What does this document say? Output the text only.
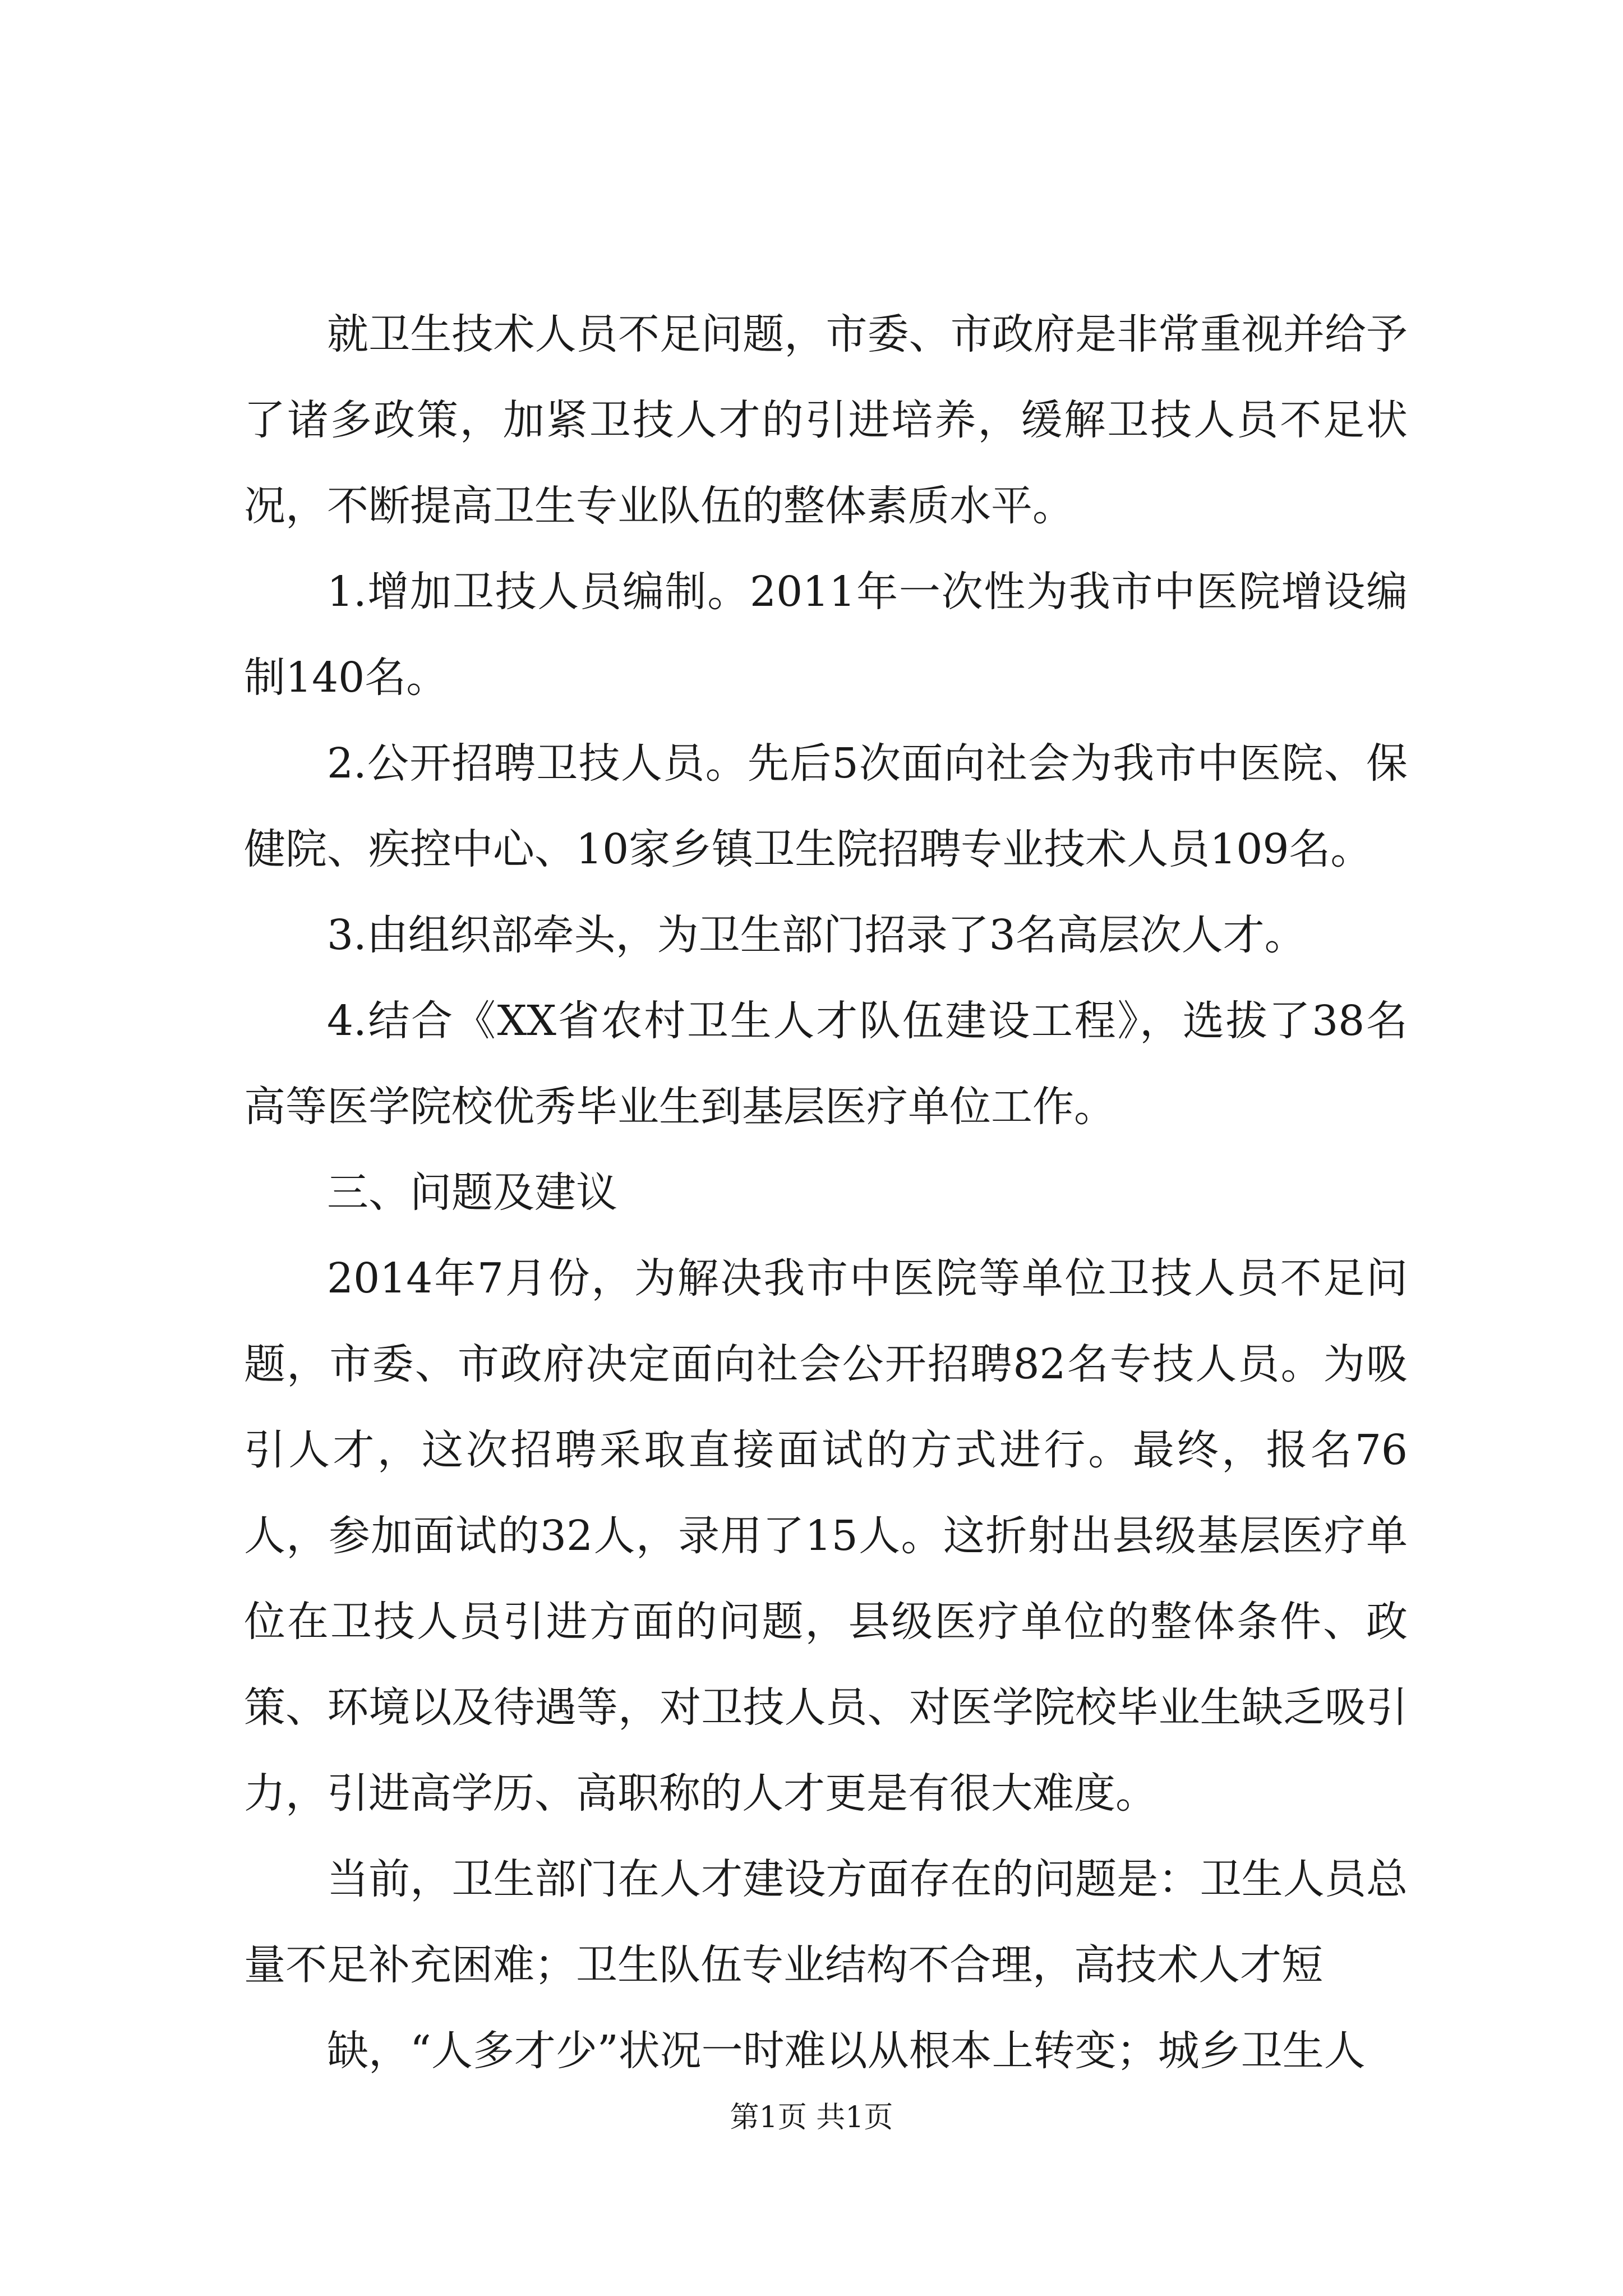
就卫生技术人员不足问题，市委、市政府是非常重视并给予了诸多政策，加紧卫技人才的引进培养，缓解卫技人员不足状况，不断提高卫生专业队伍的整体素质水平。

1.增加卫技人员编制。2011年一次性为我市中医院增设编制140名。

2.公开招聘卫技人员。先后5次面向社会为我市中医院、保健院、疾控中心、10家乡镇卫生院招聘专业技术人员109名。

3.由组织部牵头，为卫生部门招录了3名高层次人才。

4.结合《XX省农村卫生人才队伍建设工程》，选拔了38名高等医学院校优秀毕业生到基层医疗单位工作。

三、问题及建议

2014年7月份，为解决我市中医院等单位卫技人员不足问题，市委、市政府决定面向社会公开招聘82名专技人员。为吸引人才，这次招聘采取直接面试的方式进行。最终，报名76人，参加面试的32人，录用了15人。这折射出县级基层医疗单位在卫技人员引进方面的问题，县级医疗单位的整体条件、政策、环境以及待遇等，对卫技人员、对医学院校毕业生缺乏吸引力，引进高学历、高职称的人才更是有很大难度。

当前，卫生部门在人才建设方面存在的问题是：卫生人员总量不足补充困难；卫生队伍专业结构不合理，高技术人才短

缺，“人多才少”状况一时难以从根本上转变；城乡卫生人

第1页 共1页
